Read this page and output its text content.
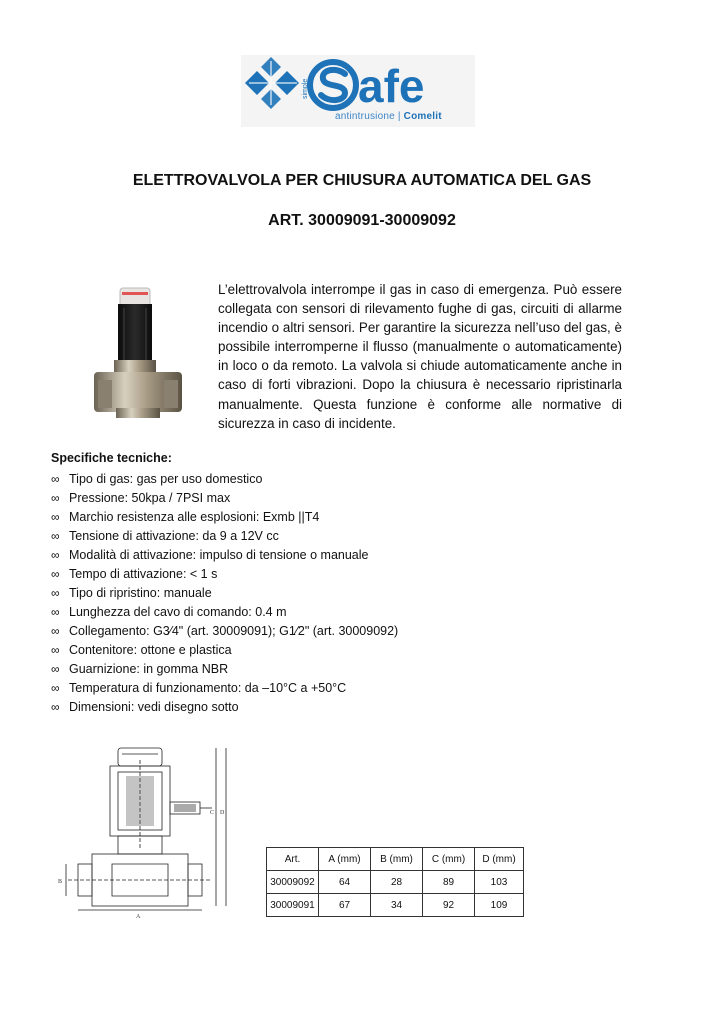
afe
simple
antintrusione | Comelit
ELETTROVALVOLA PER CHIUSURA AUTOMATICA DEL GAS
ART. 30009091-30009092

L’elettrovalvola interrompe il gas in caso di emergenza. Può essere collegata con sensori di rilevamento fughe di gas, circuiti di allarme incendio o altri sensori. Per garantire la sicurezza nell’uso del gas, è possibile interromperne il flusso (manualmente o automaticamente) in loco o da remoto. La valvola si chiude automaticamente anche in caso di forti vibrazioni. Dopo la chiusura è necessario ripristinarla manualmente. Questa funzione è conforme alle normative di sicurezza in caso di incidente.

Specifiche tecniche:

∞ Tipo di gas: gas per uso domestico
∞ Pressione: 50kpa / 7PSI max
∞ Marchio resistenza alle esplosioni: Exmb ||T4
∞ Tensione di attivazione: da 9 a 12V cc
∞ Modalità di attivazione: impulso di tensione o manuale
∞ Tempo di attivazione: < 1 s
∞ Tipo di ripristino: manuale
∞ Lunghezza del cavo di comando: 0.4 m
∞ Collegamento: G3⁄4" (art. 30009091); G1⁄2" (art. 30009092)
∞ Contenitore: ottone e plastica
∞ Guarnizione: in gomma NBR
∞ Temperatura di funzionamento: da –10°C a +50°C
∞ Dimensioni: vedi disegno sotto
A
B
C D
Art.	A (mm)	B (mm)	C (mm)	D (mm)
30009092	64	28	89	103
30009091	67	34	92	109
